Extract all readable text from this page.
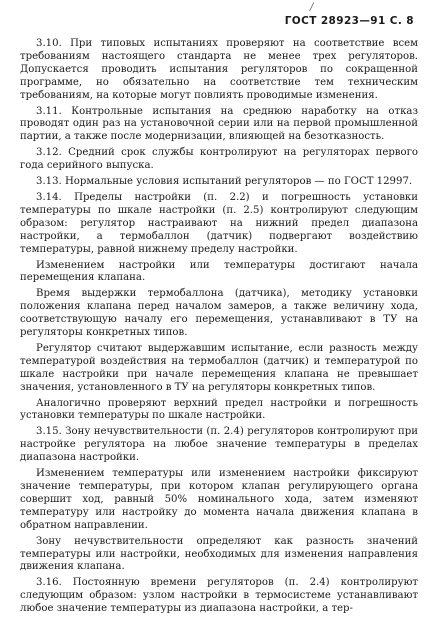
/
ГОСТ 28923—91 С. 8

3.10. При типовых испытаниях проверяют на соответствие всем требованиям настоящего стандарта не менее трех регуляторов. Допускается проводить испытания регуляторов по сокращенной программе, но обязательно на соответствие тем техническим требованиям, на которые могут повлиять проводимые изменения.

3.11. Контрольные испытания на среднюю наработку на отказ проводят один раз на установочной серии или на первой промышленной партии, а также после модернизации, влияющей на безотказность.

3.12. Средний срок службы контролируют на регуляторах первого года серийного выпуска.

3.13. Нормальные условия испытаний регуляторов — по ГОСТ 12997.

3.14. Пределы настройки (п. 2.2) и погрешность установки температуры по шкале настройки (п. 2.5) контролируют следующим образом: регулятор настраивают на нижний предел диапазона настройки, а термобаллон (датчик) подвергают воздействию температуры, равной нижнему пределу настройки.

Изменением настройки или температуры достигают начала перемещения клапана.

Время выдержки термобаллона (датчика), методику установки положения клапана перед началом замеров, а также величину хода, соответствующую началу его перемещения, устанавливают в ТУ на регуляторы конкретных типов.

Регулятор считают выдержавшим испытание, если разность между температурой воздействия на термобаллон (датчик) и температурой по шкале настройки при начале перемещения клапана не превышает значения, установленного в ТУ на регуляторы конкретных типов.

Аналогично проверяют верхний предел настройки и погрешность установки температуры по шкале настройки.

3.15. Зону нечувствительности (п. 2.4) регуляторов контролируют при настройке регулятора на любое значение температуры в пределах диапазона настройки.

Изменением температуры или изменением настройки фиксируют значение температуры, при котором клапан регулирующего органа совершит ход, равный 50% номинального хода, затем изменяют температуру или настройку до момента начала движения клапана в обратном направлении.

Зону нечувствительности определяют как разность значений температуры или настройки, необходимых для изменения направления движения клапана.

3.16. Постоянную времени регуляторов (п. 2.4) контролируют следующим образом: узлом настройки в термосистеме устанавливают любое значение температуры из диапазона настройки, а тер-
